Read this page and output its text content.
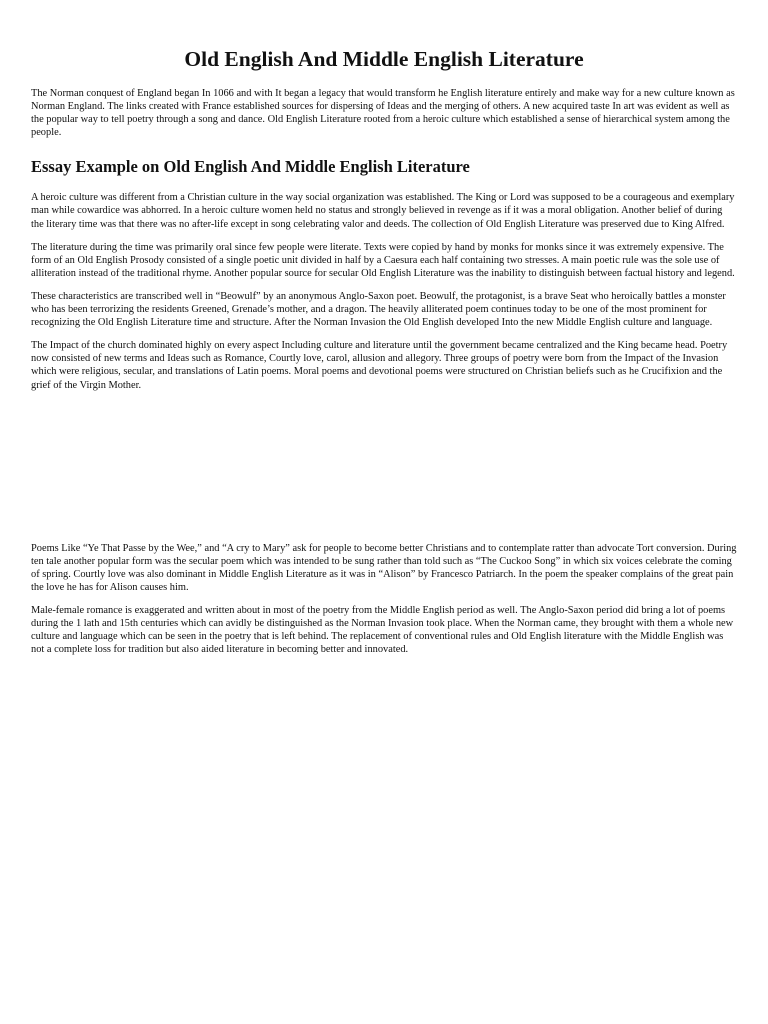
Old English And Middle English Literature

The Norman conquest of England began In 1066 and with It began a legacy that would transform he English literature entirely and make way for a new culture known as Norman England. The links created with France established sources for dispersing of Ideas and the merging of others. A new acquired taste In art was evident as well as the popular way to tell poetry through a song and dance. Old English Literature rooted from a heroic culture which established a sense of hierarchical system among the people.

Essay Example on Old English And Middle English Literature

A heroic culture was different from a Christian culture in the way social organization was established. The King or Lord was supposed to be a courageous and exemplary man while cowardice was abhorred. In a heroic culture women held no status and strongly believed in revenge as if it was a moral obligation. Another belief of during the literary time was that there was no after-life except in song celebrating valor and deeds. The collection of Old English Literature was preserved due to King Alfred.

The literature during the time was primarily oral since few people were literate. Texts were copied by hand by monks for monks since it was extremely expensive. The form of an Old English Prosody consisted of a single poetic unit divided in half by a Caesura each half containing two stresses. A main poetic rule was the sole use of alliteration instead of the traditional rhyme. Another popular source for secular Old English Literature was the inability to distinguish between factual history and legend.

These characteristics are transcribed well in “Beowulf” by an anonymous Anglo-Saxon poet. Beowulf, the protagonist, is a brave Seat who heroically battles a monster who has been terrorizing the residents Greened, Grenade’s mother, and a dragon. The heavily alliterated poem continues today to be one of the most prominent for recognizing the Old English Literature time and structure. After the Norman Invasion the Old English developed Into the new Middle English culture and language.

The Impact of the church dominated highly on every aspect Including culture and literature until the government became centralized and the King became head. Poetry now consisted of new terms and Ideas such as Romance, Courtly love, carol, allusion and allegory. Three groups of poetry were born from the Impact of the Invasion which were religious, secular, and translations of Latin poems. Moral poems and devotional poems were structured on Christian beliefs such as he Crucifixion and the grief of the Virgin Mother.

Poems Like “Ye That Passe by the Wee,” and “A cry to Mary” ask for people to become better Christians and to contemplate ratter than advocate Tort conversion. During ten tale another popular form was the secular poem which was intended to be sung rather than told such as “The Cuckoo Song” in which six voices celebrate the coming of spring. Courtly love was also dominant in Middle English Literature as it was in “Alison” by Francesco Patriarch. In the poem the speaker complains of the great pain the love he has for Alison causes him.

Male-female romance is exaggerated and written about in most of the poetry from the Middle English period as well. The Anglo-Saxon period did bring a lot of poems during the 1 lath and 15th centuries which can avidly be distinguished as the Norman Invasion took place. When the Norman came, they brought with them a whole new culture and language which can be seen in the poetry that is left behind. The replacement of conventional rules and Old English literature with the Middle English was not a complete loss for tradition but also aided literature in becoming better and innovated.
